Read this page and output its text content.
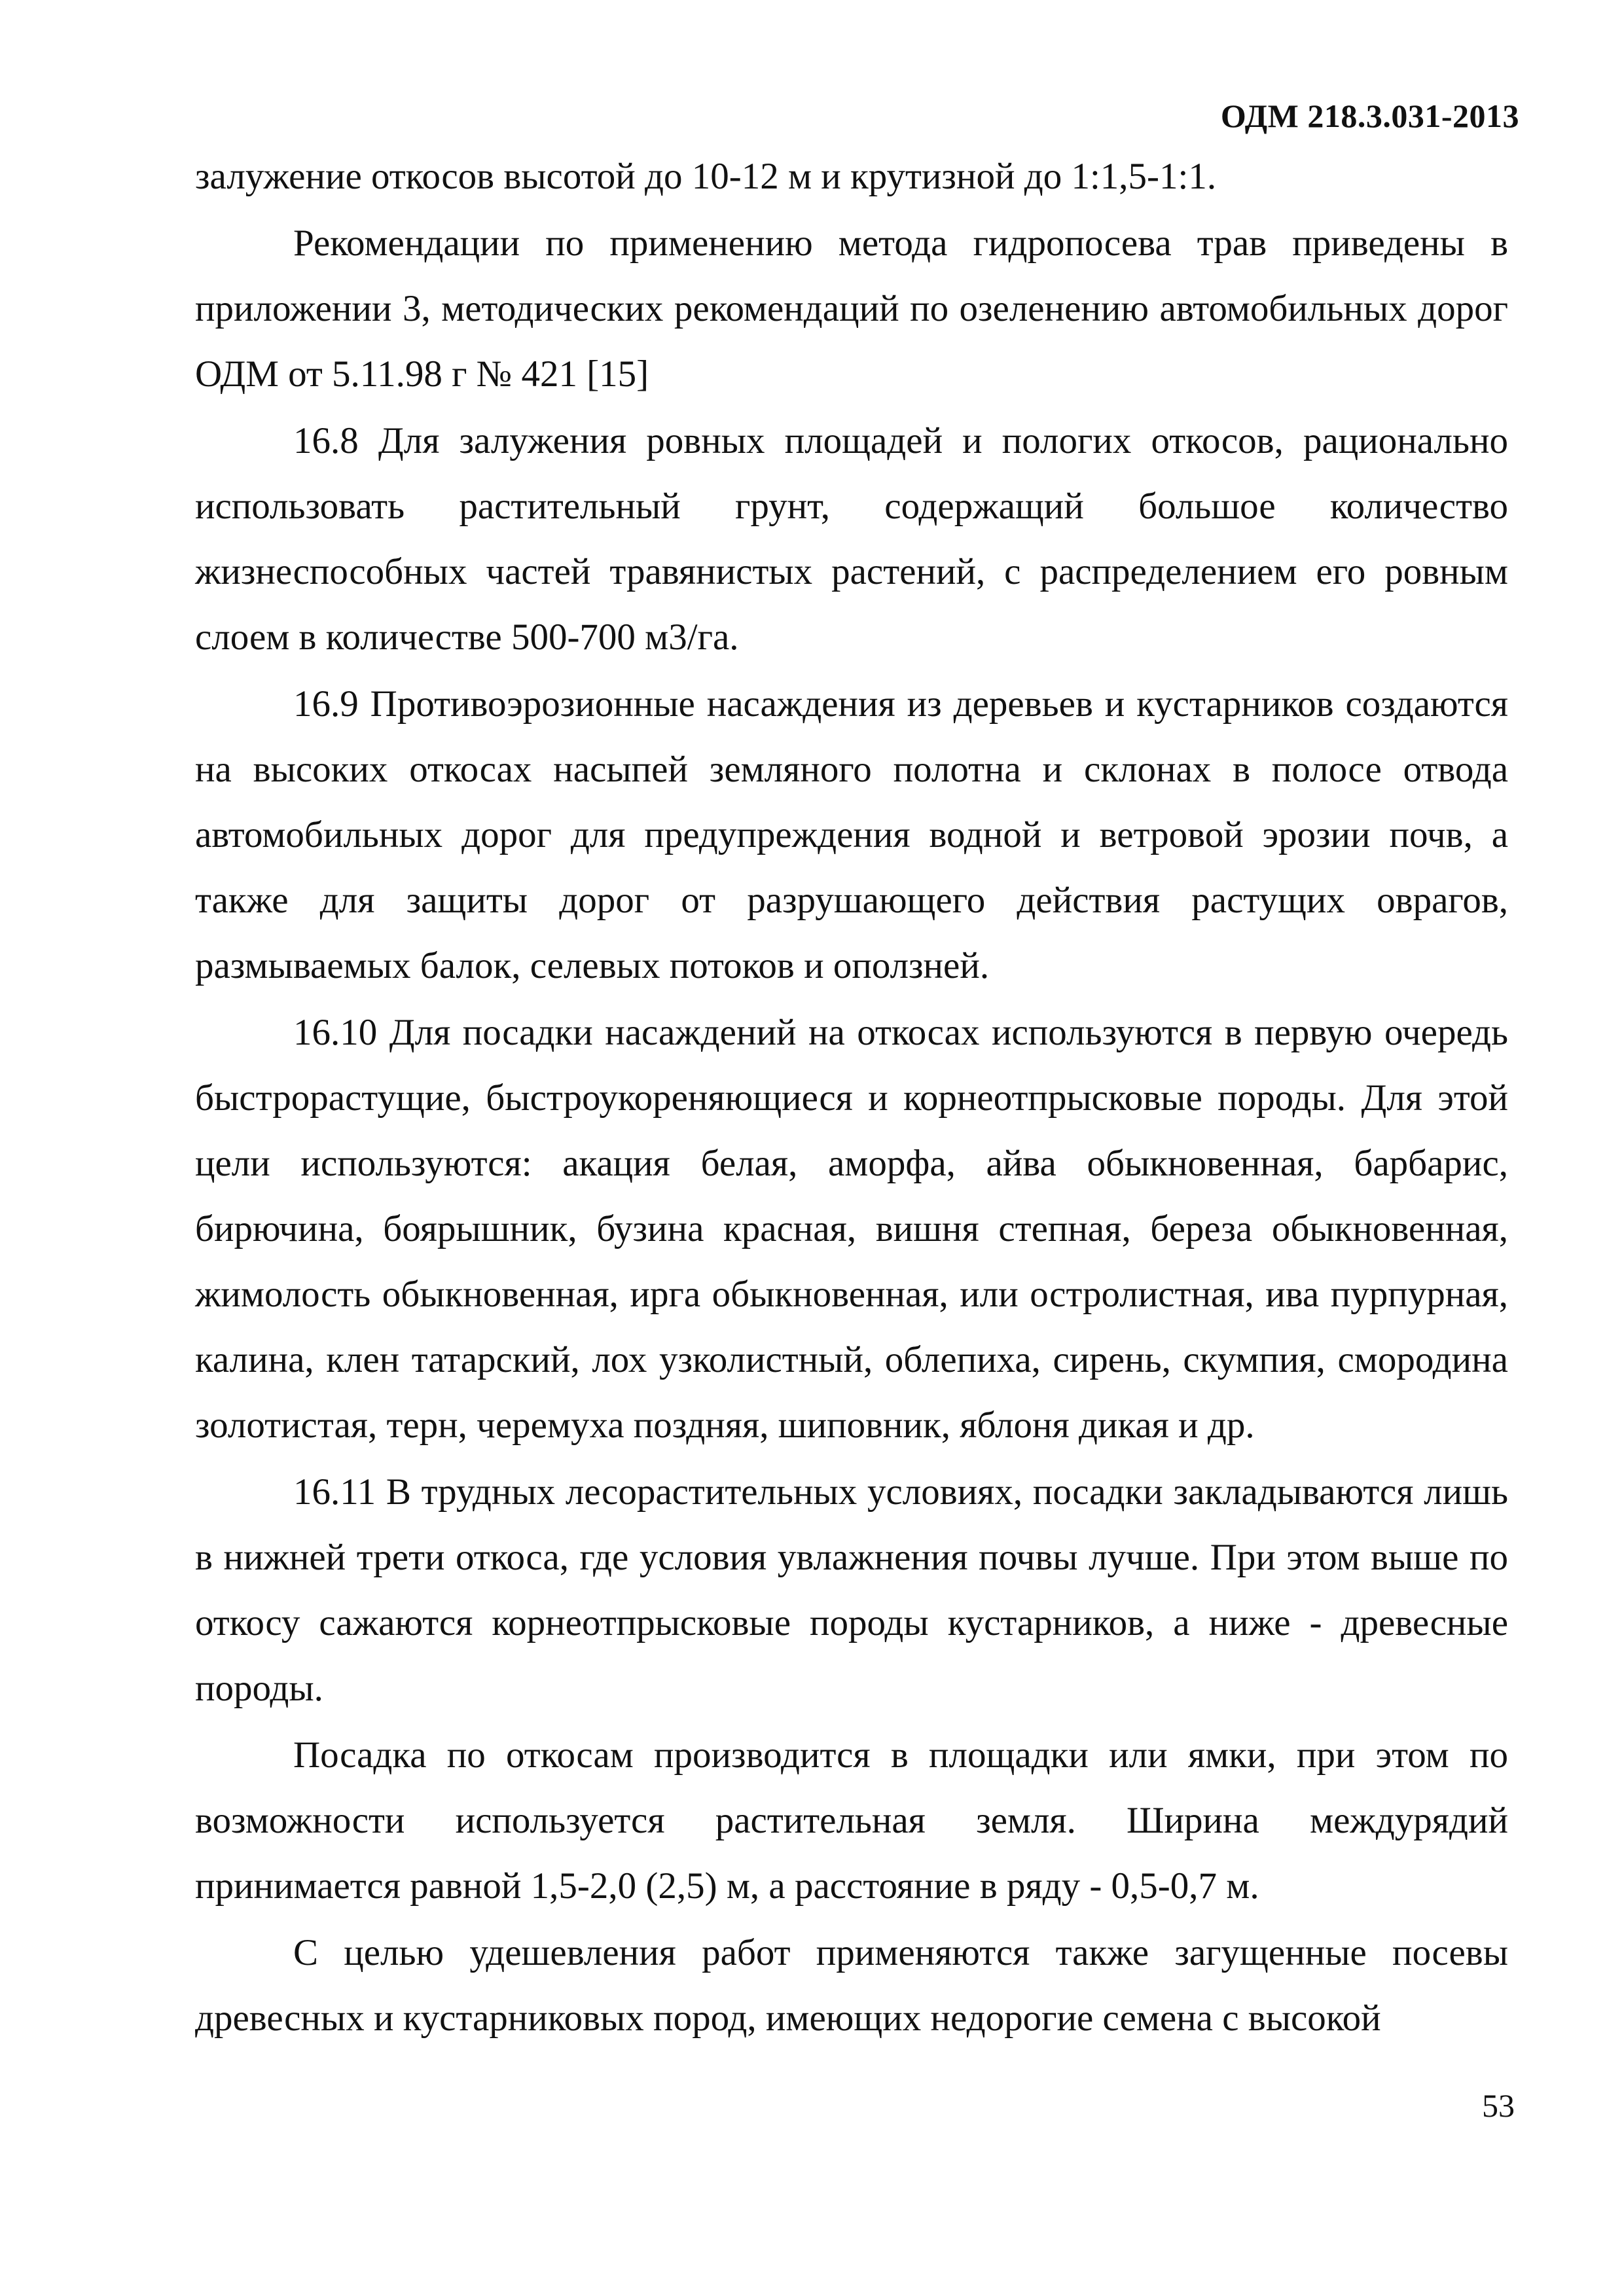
ОДМ 218.3.031-2013

залужение откосов высотой до 10-12 м и крутизной до 1:1,5-1:1.

Рекомендации по применению метода гидропосева трав приведены в приложении 3, методических рекомендаций по озеленению автомобильных дорог ОДМ от 5.11.98 г № 421 [15]

16.8 Для залужения ровных площадей и пологих откосов, рационально использовать растительный грунт, содержащий большое количество жизнеспособных частей травянистых растений, с распределением его ровным слоем в количестве 500-700 м3/га.

16.9 Противоэрозионные насаждения из деревьев и кустарников создаются на высоких откосах насыпей земляного полотна и склонах в полосе отвода автомобильных дорог для предупреждения водной и ветровой эрозии почв, а также для защиты дорог от разрушающего действия растущих оврагов, размываемых балок, селевых потоков и оползней.

16.10 Для посадки насаждений на откосах используются в первую очередь быстрорастущие, быстроукореняющиеся и корнеотпрысковые породы. Для этой цели используются: акация белая, аморфа, айва обыкновенная, барбарис, бирючина, боярышник, бузина красная, вишня степная, береза обыкновенная, жимолость обыкновенная, ирга обыкновенная, или остролистная, ива пурпурная, калина, клен татарский, лох узколистный, облепиха, сирень, скумпия, смородина золотистая, терн, черемуха поздняя, шиповник, яблоня дикая и др.

16.11 В трудных лесорастительных условиях, посадки закладываются лишь в нижней трети откоса, где условия увлажнения почвы лучше. При этом выше по откосу сажаются корнеотпрысковые породы кустарников, а ниже - древесные породы.

Посадка по откосам производится в площадки или ямки, при этом по возможности используется растительная земля. Ширина междурядий принимается равной 1,5-2,0 (2,5) м, а расстояние в ряду - 0,5-0,7 м.

С целью удешевления работ применяются также загущенные посевы древесных и кустарниковых пород, имеющих недорогие семена с высокой

53
